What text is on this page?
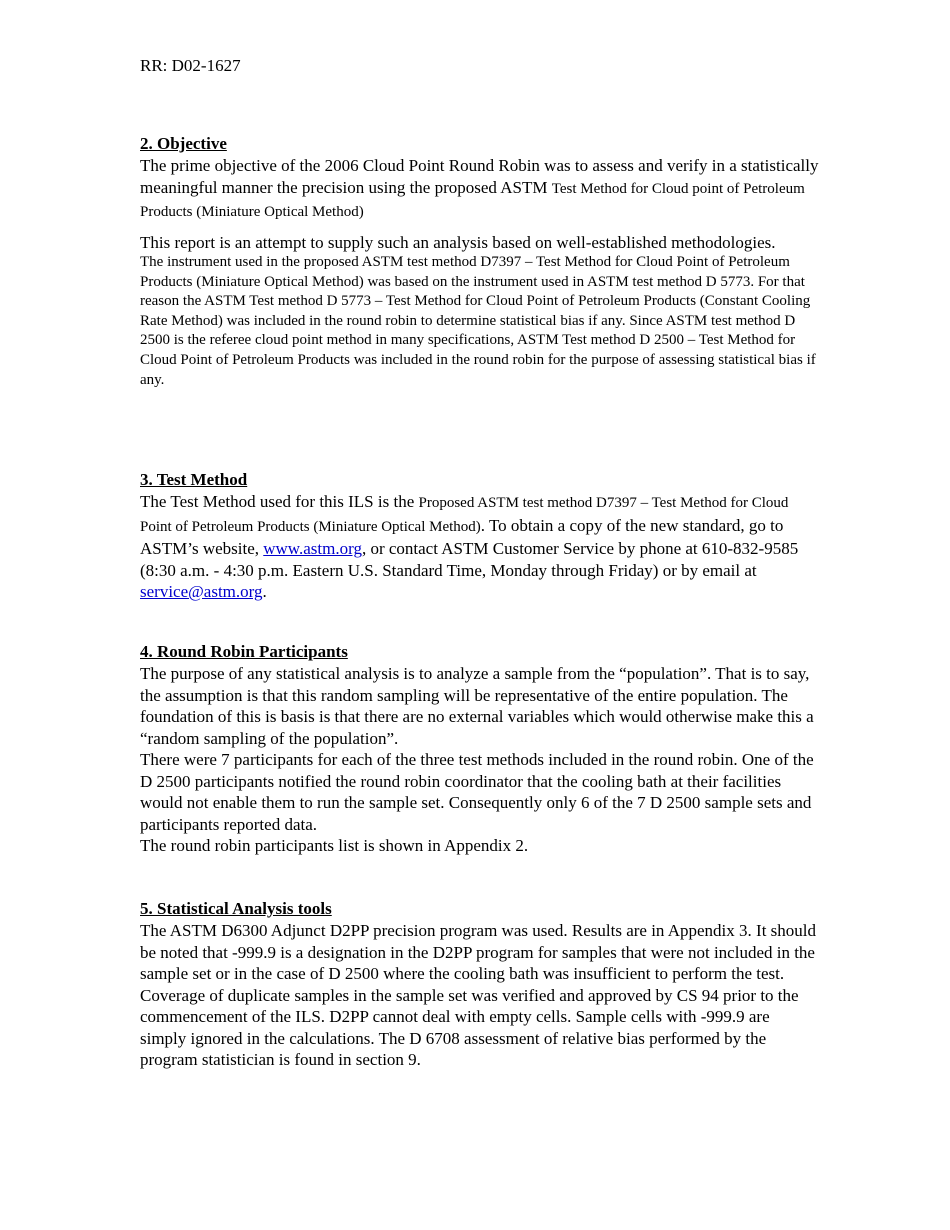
RR: D02-1627

2. Objective

The prime objective of the 2006 Cloud Point Round Robin was to assess and verify in a statistically meaningful manner the precision using the proposed ASTM Test Method for Cloud point of Petroleum Products (Miniature Optical Method)

This report is an attempt to supply such an analysis based on well-established methodologies.

The instrument used in the proposed ASTM test method D7397 – Test Method for Cloud Point of Petroleum Products (Miniature Optical Method) was based on the instrument used in ASTM test method D 5773. For that reason the ASTM Test method D 5773 – Test Method for Cloud Point of Petroleum Products (Constant Cooling Rate Method) was included in the round robin to determine statistical bias if any. Since ASTM test method D 2500 is the referee cloud point method in many specifications, ASTM Test method D 2500 – Test Method for Cloud Point of Petroleum Products was included in the round robin for the purpose of assessing statistical bias if any.

3. Test Method

The Test Method used for this ILS is the Proposed ASTM test method D7397 – Test Method for Cloud Point of Petroleum Products (Miniature Optical Method). To obtain a copy of the new standard, go to ASTM’s website, www.astm.org, or contact ASTM Customer Service by phone at 610-832-9585 (8:30 a.m. - 4:30 p.m. Eastern U.S. Standard Time, Monday through Friday) or by email at service@astm.org.

4. Round Robin Participants

The purpose of any statistical analysis is to analyze a sample from the “population”. That is to say, the assumption is that this random sampling will be representative of the entire population. The foundation of this is basis is that there are no external variables which would otherwise make this a “random sampling of the population”.

There were 7 participants for each of the three test methods included in the round robin. One of the D 2500 participants notified the round robin coordinator that the cooling bath at their facilities would not enable them to run the sample set. Consequently only 6 of the 7 D 2500 sample sets and participants reported data.

The round robin participants list is shown in Appendix 2.

5. Statistical Analysis tools

The ASTM D6300 Adjunct D2PP precision program was used. Results are in Appendix 3. It should be noted that -999.9 is a designation in the D2PP program for samples that were not included in the sample set or in the case of D 2500 where the cooling bath was insufficient to perform the test. Coverage of duplicate samples in the sample set was verified and approved by CS 94 prior to the commencement of the ILS. D2PP cannot deal with empty cells. Sample cells with -999.9 are simply ignored in the calculations. The D 6708 assessment of relative bias performed by the program statistician is found in section 9.
